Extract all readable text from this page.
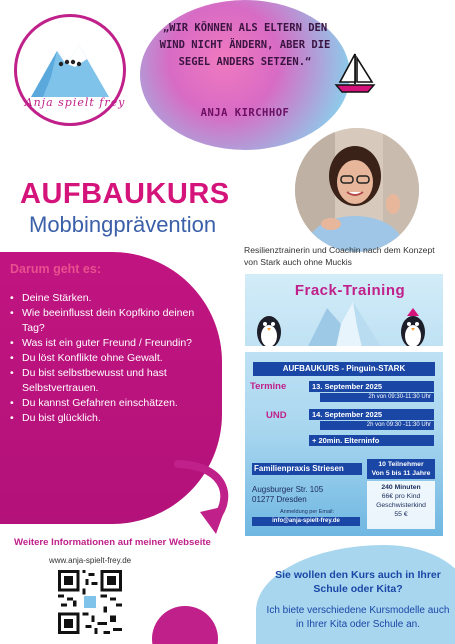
Anja spielt frey
„WIR KÖNNEN ALS ELTERN DEN WIND NICHT ÄNDERN, ABER DIE SEGEL ANDERS SETZEN.“
ANJA KIRCHHOF
AUFBAUKURS
Mobbingprävention
Resilienztrainerin und Coachin nach dem Konzept von Stark auch ohne Muckis
Darum geht es:
• Deine Stärken.
• Wie beeinflusst dein Kopfkino deinen Tag?
• Was ist ein guter Freund / Freundin?
• Du löst Konflikte ohne Gewalt.
• Du bist selbstbewusst und hast Selbstvertrauen.
• Du kannst Gefahren einschätzen.
• Du bist glücklich.
Frack-Training
AUFBAUKURS - Pinguin-STARK
Termine	13. September 2025
2h von 09:30-11:30 Uhr
UND	14. September 2025
2h von 09:30 -11:30 Uhr
+ 20min. Elterninfo
Familienpraxis Striesen
Augsburger Str. 105
01277 Dresden
Anmeldung per Email:
info@anja-spielt-frey.de
10 Teilnehmer
Von 5 bis 11 Jahre
240 Minuten
66€ pro Kind
Geschwisterkind
55 €
Weitere Informationen auf meiner Webseite
www.anja-spielt-frey.de
Sie wollen den Kurs auch in Ihrer Schule oder Kita?
Ich biete verschiedene Kursmodelle auch in Ihrer Kita oder Schule an.
